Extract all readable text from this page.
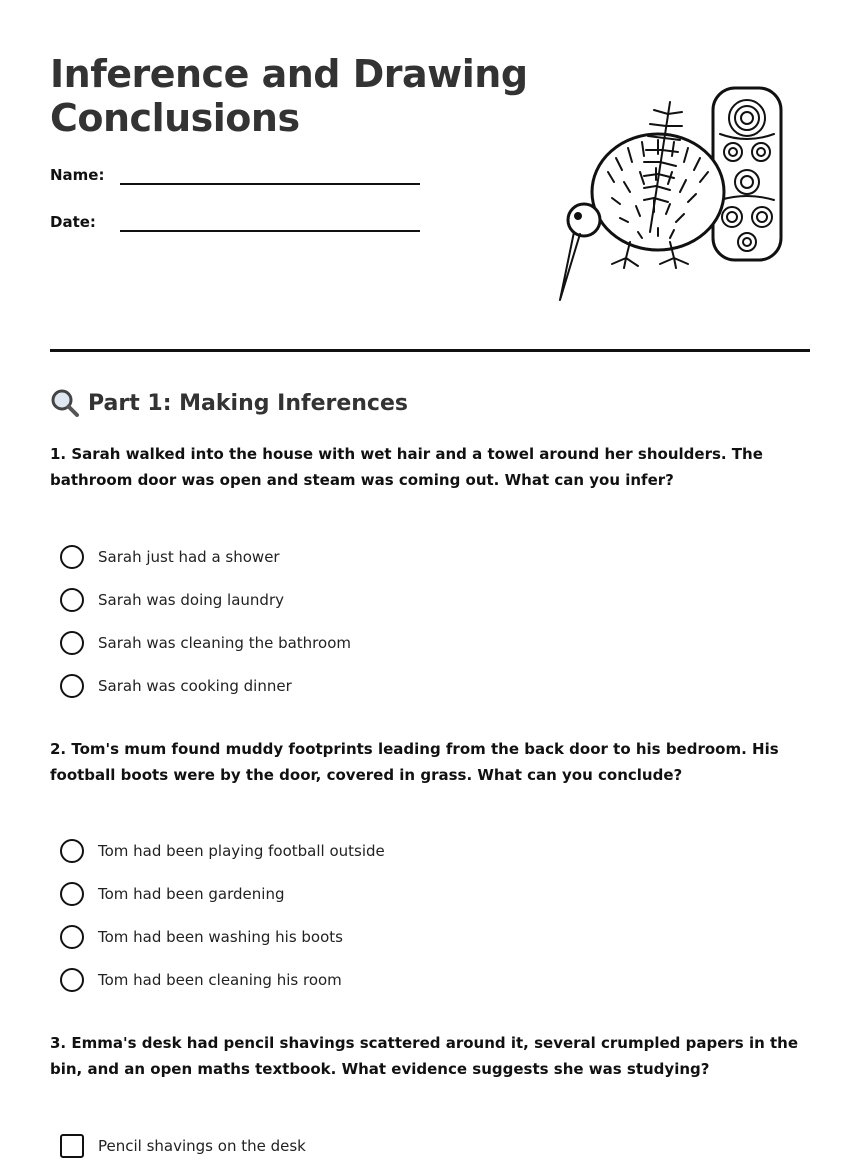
Inference and Drawing
Conclusions
Name:
Date:
Part 1: Making Inferences

1. Sarah walked into the house with wet hair and a towel around her shoulders. The bathroom door was open and steam was coming out. What can you infer?

Sarah just had a shower
Sarah was doing laundry
Sarah was cleaning the bathroom
Sarah was cooking dinner

2. Tom's mum found muddy footprints leading from the back door to his bedroom. His football boots were by the door, covered in grass. What can you conclude?

Tom had been playing football outside
Tom had been gardening
Tom had been washing his boots
Tom had been cleaning his room

3. Emma's desk had pencil shavings scattered around it, several crumpled papers in the bin, and an open maths textbook. What evidence suggests she was studying?

Pencil shavings on the desk
